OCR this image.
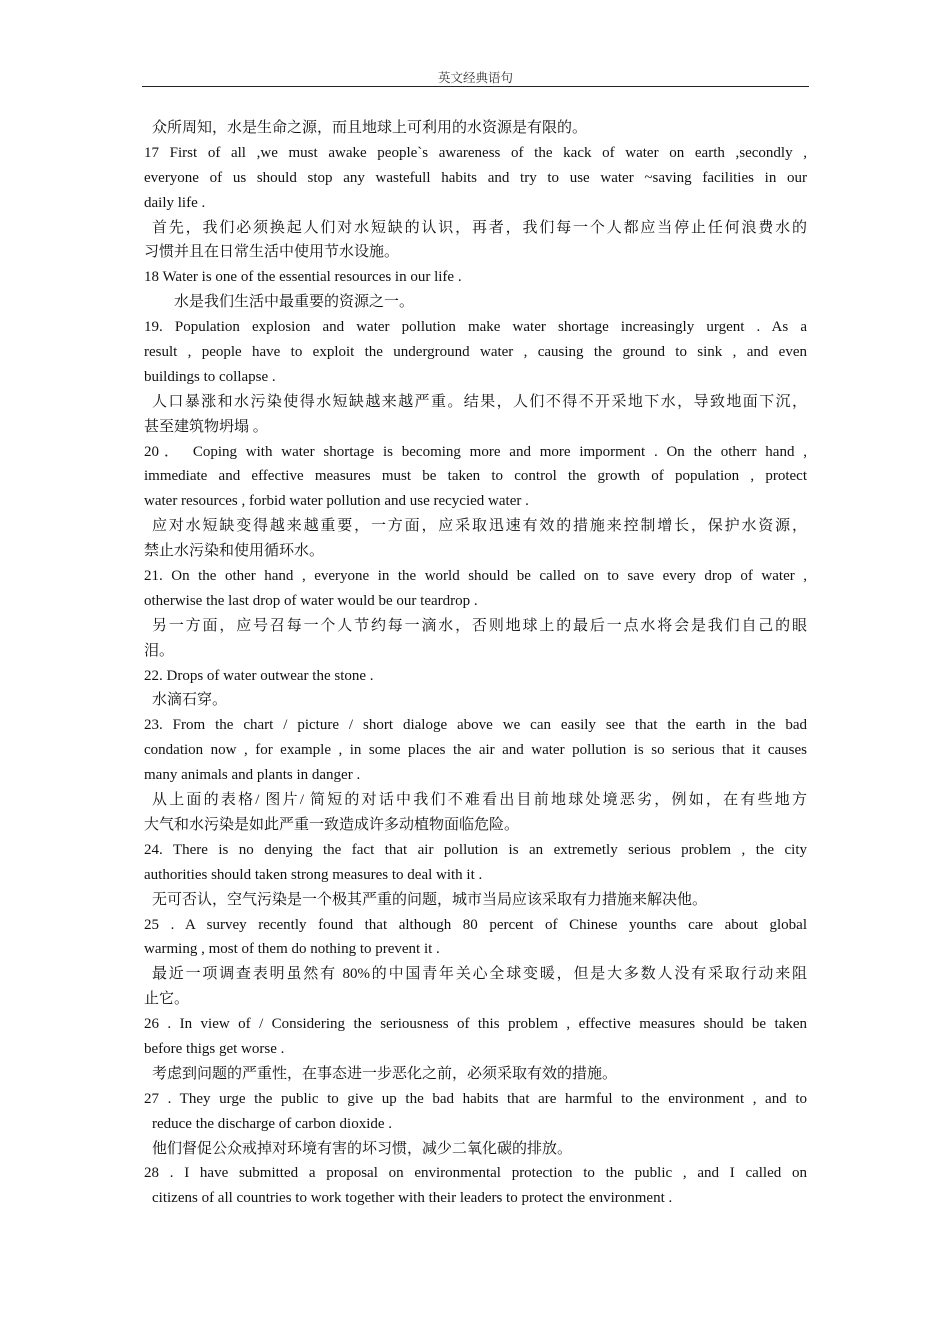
英文经典语句
众所周知，水是生命之源，而且地球上可利用的水资源是有限的。
17 First of all ,we must awake people`s awareness of the kack of water on earth ,secondly ,
everyone of us should stop any wastefull habits and try to use water ~saving facilities in our
daily life .
首先，我们必须换起人们对水短缺的认识，再者，我们每一个人都应当停止任何浪费水的
习惯并且在日常生活中使用节水设施。
18 Water is one of the essential resources in our life .
水是我们生活中最重要的资源之一。
19. Population explosion and water pollution make water shortage increasingly urgent . As a
result , people have to exploit the underground water , causing the ground to sink , and even
buildings to collapse .
人口暴涨和水污染使得水短缺越来越严重。结果，人们不得不开采地下水，导致地面下沉，
甚至建筑物坍塌 。
20． Coping with water shortage is becoming more and more imporment . On the otherr hand ,
immediate and effective measures must be taken to control the growth of population , protect
water resources , forbid water pollution and use recycied water .
应对水短缺变得越来越重要，一方面，应采取迅速有效的措施来控制增长，保护水资源，
禁止水污染和使用循环水。
21. On the other hand , everyone in the world should be called on to save every drop of water ,
otherwise the last drop of water would be our teardrop .
另一方面，应号召每一个人节约每一滴水，否则地球上的最后一点水将会是我们自己的眼
泪。
22. Drops of water outwear the stone .
水滴石穿。
23. From the chart / picture / short dialoge above we can easily see that the earth in the bad
condation now , for example , in some places the air and water pollution is so serious that it causes
many animals and plants in danger .
从上面的表格/ 图片/ 简短的对话中我们不难看出目前地球处境恶劣，例如，在有些地方
大气和水污染是如此严重一致造成许多动植物面临危险。
24. There is no denying the fact that air pollution is an extremetly serious problem , the city
authorities should taken strong measures to deal with it .
无可否认，空气污染是一个极其严重的问题，城市当局应该采取有力措施来解决他。
25 . A survey recently found that although 80 percent of Chinese younths care about global
warming , most of them do nothing to prevent it .
最近一项调查表明虽然有 80%的中国青年关心全球变暖，但是大多数人没有采取行动来阻
止它。
26 . In view of / Considering the seriousness of this problem , effective measures should be taken
before thigs get worse .
考虑到问题的严重性，在事态进一步恶化之前，必须采取有效的措施。
27 . They urge the public to give up the bad habits that are harmful to the environment , and to
reduce the discharge of carbon dioxide .
他们督促公众戒掉对环境有害的坏习惯，减少二氧化碳的排放。
28 . I have submitted a proposal on environmental protection to the public , and I called on
citizens of all countries to work together with their leaders to protect the environment .
